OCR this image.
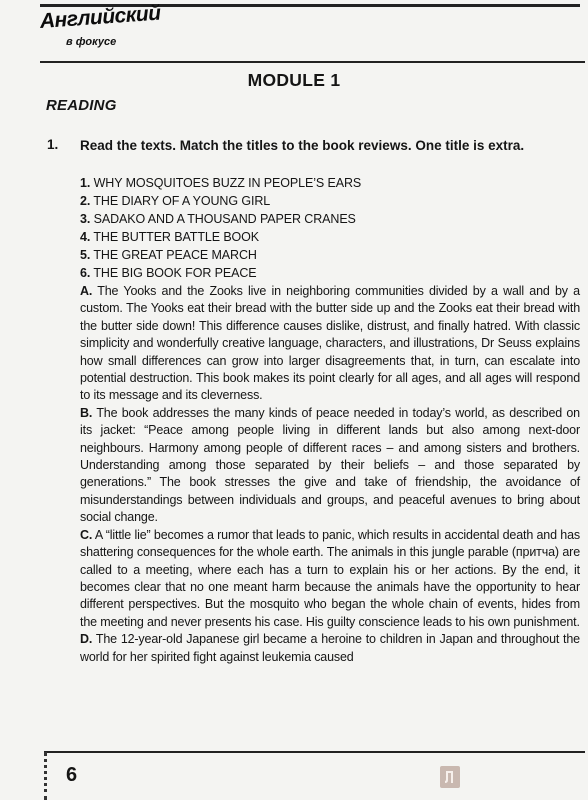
Английский
в фокусе
MODULE 1
READING
1. Read the texts. Match the titles to the book reviews. One title is extra.

1. WHY MOSQUITOES BUZZ IN PEOPLE’S EARS
2. THE DIARY OF A YOUNG GIRL
3. SADAKO AND A THOUSAND PAPER CRANES
4. THE BUTTER BATTLE BOOK
5. THE GREAT PEACE MARCH
6. THE BIG BOOK FOR PEACE

A. The Yooks and the Zooks live in neighboring communities divided by a wall and by a custom. The Yooks eat their bread with the butter side up and the Zooks eat their bread with the butter side down! This difference causes dislike, distrust, and finally hatred. With classic simplicity and wonderfully creative language, characters, and illustrations, Dr Seuss explains how small differences can grow into larger disagreements that, in turn, can escalate into potential destruction. This book makes its point clearly for all ages, and all ages will respond to its message and its cleverness.

B. The book addresses the many kinds of peace needed in today’s world, as described on its jacket: “Peace among people living in different lands but also among next-door neighbours. Harmony among people of different races – and among sisters and brothers. Understanding among those separated by their beliefs – and those separated by generations.” The book stresses the give and take of friendship, the avoidance of misunderstandings between individuals and groups, and peaceful avenues to bring about social change.

C. A “little lie” becomes a rumor that leads to panic, which results in accidental death and has shattering consequences for the whole earth. The animals in this jungle parable (притча) are called to a meeting, where each has a turn to explain his or her actions. By the end, it becomes clear that no one meant harm because the animals have the opportunity to hear different perspectives. But the mosquito who began the whole chain of events, hides from the meeting and never presents his case. His guilty conscience leads to his own punishment.

D. The 12-year-old Japanese girl became a heroine to children in Japan and throughout the world for her spirited fight against leukemia caused

6
